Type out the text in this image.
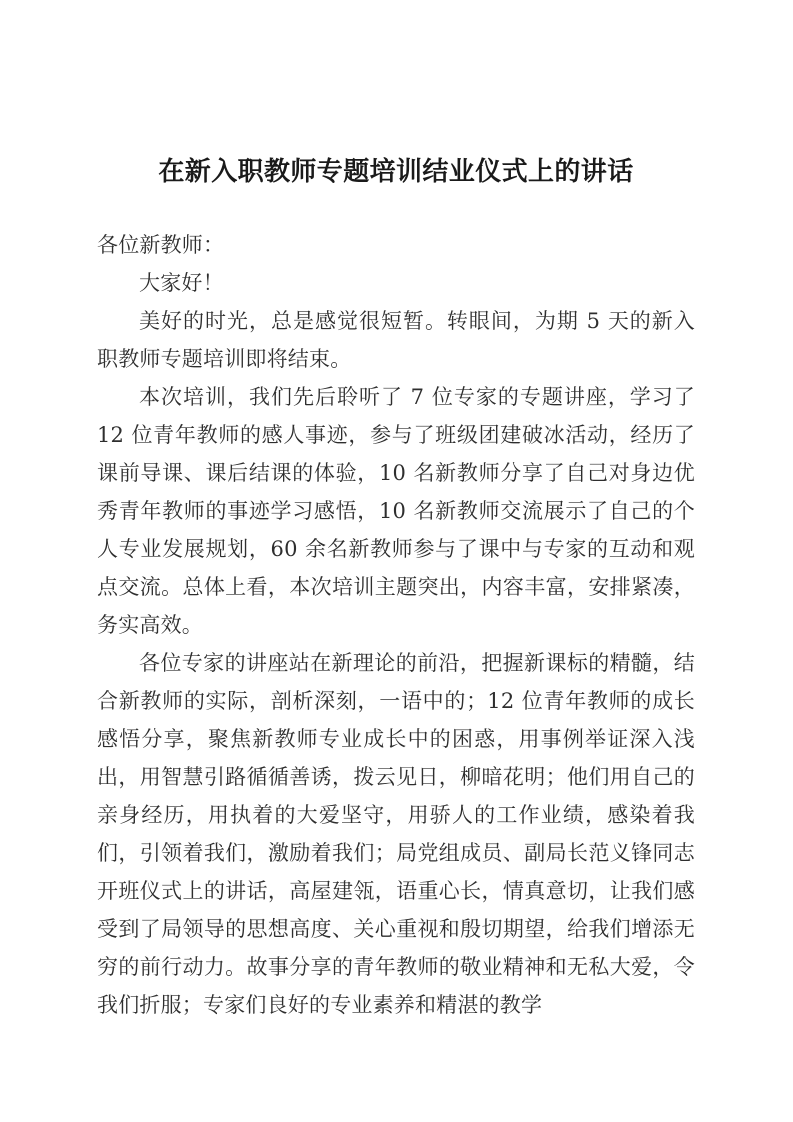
在新入职教师专题培训结业仪式上的讲话

各位新教师：

大家好！

美好的时光，总是感觉很短暂。转眼间，为期 5 天的新入职教师专题培训即将结束。

本次培训，我们先后聆听了 7 位专家的专题讲座，学习了 12 位青年教师的感人事迹，参与了班级团建破冰活动，经历了课前导课、课后结课的体验，10 名新教师分享了自己对身边优秀青年教师的事迹学习感悟，10 名新教师交流展示了自己的个人专业发展规划，60 余名新教师参与了课中与专家的互动和观点交流。总体上看，本次培训主题突出，内容丰富，安排紧凑，务实高效。

各位专家的讲座站在新理论的前沿，把握新课标的精髓，结合新教师的实际，剖析深刻，一语中的；12 位青年教师的成长感悟分享，聚焦新教师专业成长中的困惑，用事例举证深入浅出，用智慧引路循循善诱，拨云见日，柳暗花明；他们用自己的亲身经历，用执着的大爱坚守，用骄人的工作业绩，感染着我们，引领着我们，激励着我们；局党组成员、副局长范义锋同志开班仪式上的讲话，高屋建瓴，语重心长，情真意切，让我们感受到了局领导的思想高度、关心重视和殷切期望，给我们增添无穷的前行动力。故事分享的青年教师的敬业精神和无私大爱，令我们折服；专家们良好的专业素养和精湛的教学
